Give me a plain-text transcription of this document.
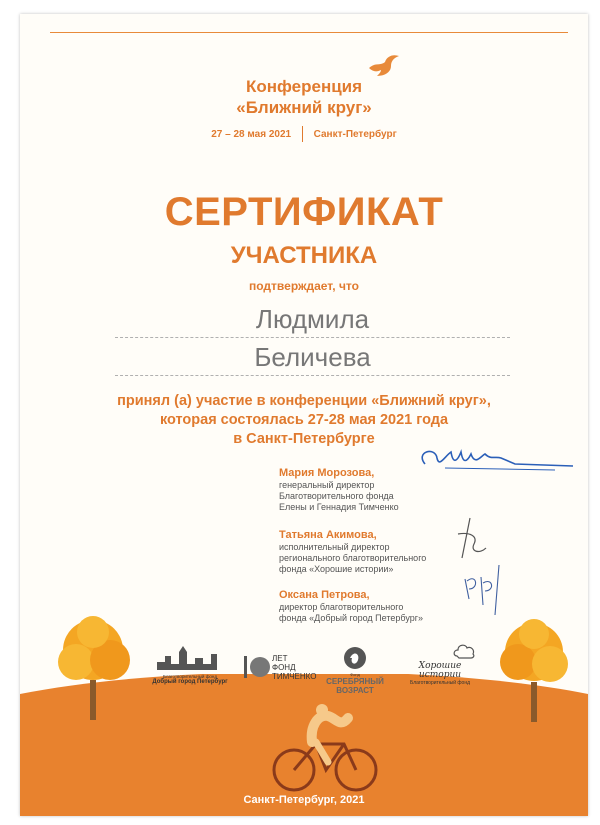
Конференция
«Ближний круг»
27 – 28 мая 2021 Санкт-Петербург
СЕРТИФИКАТ
УЧАСТНИКА
подтверждает, что
Людмила
Беличева
принял (а) участие в конференции «Ближний круг»,
которая состоялась 27-28 мая 2021 года
в Санкт-Петербурге
Мария Морозова,
генеральный директор
Благотворительного фонда
Елены и Геннадия Тимченко
Татьяна Акимова,
исполнительный директор
регионального благотворительного
фонда «Хорошие истории»
Оксана Петрова,
директор благотворительного
фонда «Добрый город Петербург»
Благотворительный фонд
Добрый город Петербург
ЛЕТ
ФОНД
ТИМЧЕНКО	Фонд
СЕРЕБРЯНЫЙ
ВОЗРАСТ
Хорошие
истории
Благотворительный фонд
Санкт-Петербург, 2021
